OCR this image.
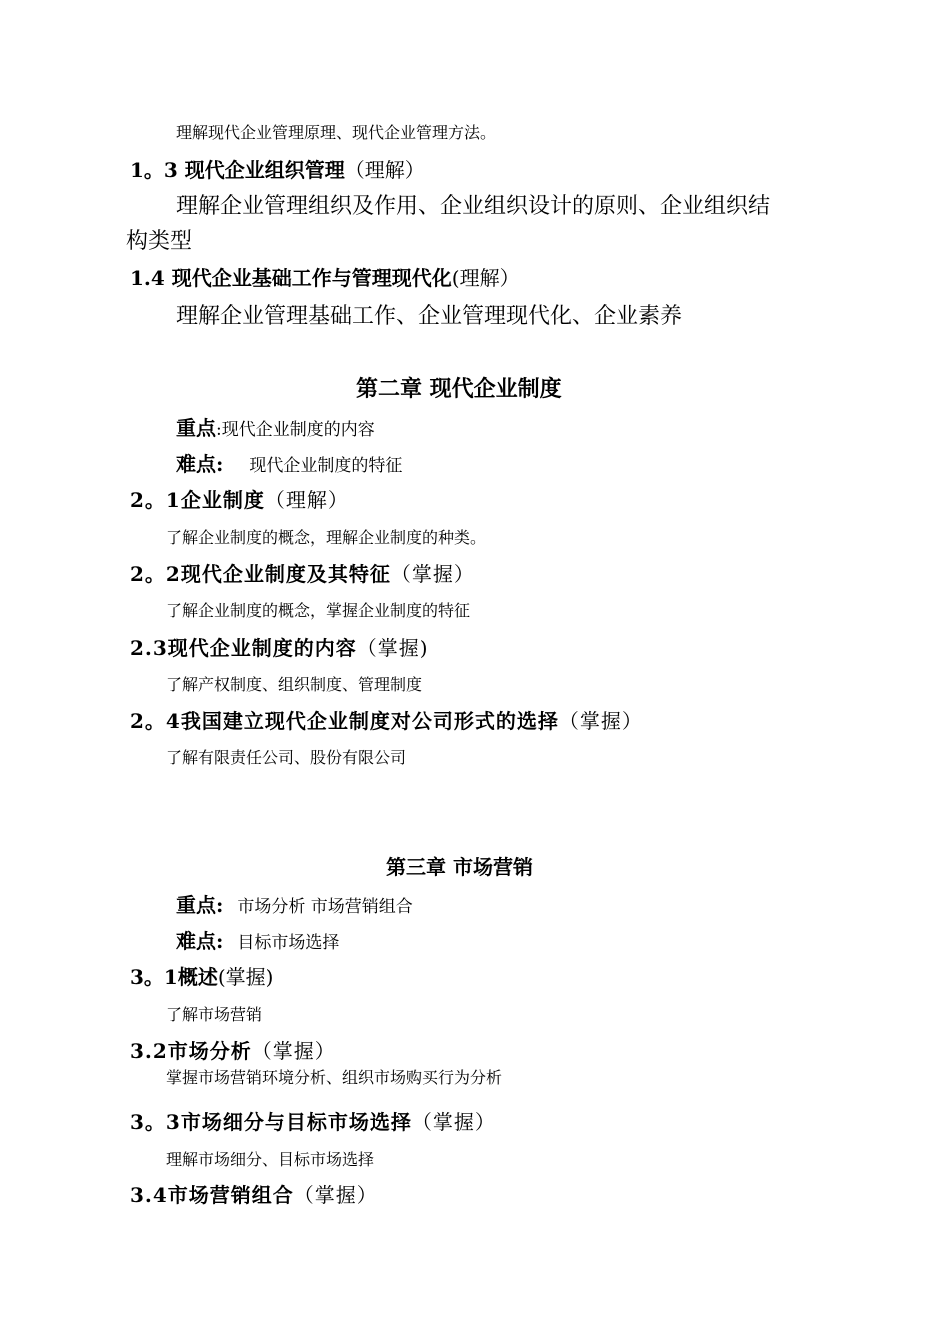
理解现代企业管理原理、现代企业管理方法。
1。3 现代企业组织管理（理解）
理解企业管理组织及作用、企业组织设计的原则、企业组织结
构类型
1.4 现代企业基础工作与管理现代化(理解）
理解企业管理基础工作、企业管理现代化、企业素养
第二章 现代企业制度
重点:现代企业制度的内容
难点: 现代企业制度的特征
2。1企业制度（理解）
了解企业制度的概念，理解企业制度的种类。
2。2现代企业制度及其特征（掌握）
了解企业制度的概念，掌握企业制度的特征
2.3现代企业制度的内容（掌握)
了解产权制度、组织制度、管理制度
2。4我国建立现代企业制度对公司形式的选择（掌握）
了解有限责任公司、股份有限公司
第三章 市场营销
重点: 市场分析 市场营销组合
难点: 目标市场选择
3。1概述(掌握)
了解市场营销
3.2市场分析（掌握）
掌握市场营销环境分析、组织市场购买行为分析
3。3市场细分与目标市场选择（掌握）
理解市场细分、目标市场选择
3.4市场营销组合（掌握）
